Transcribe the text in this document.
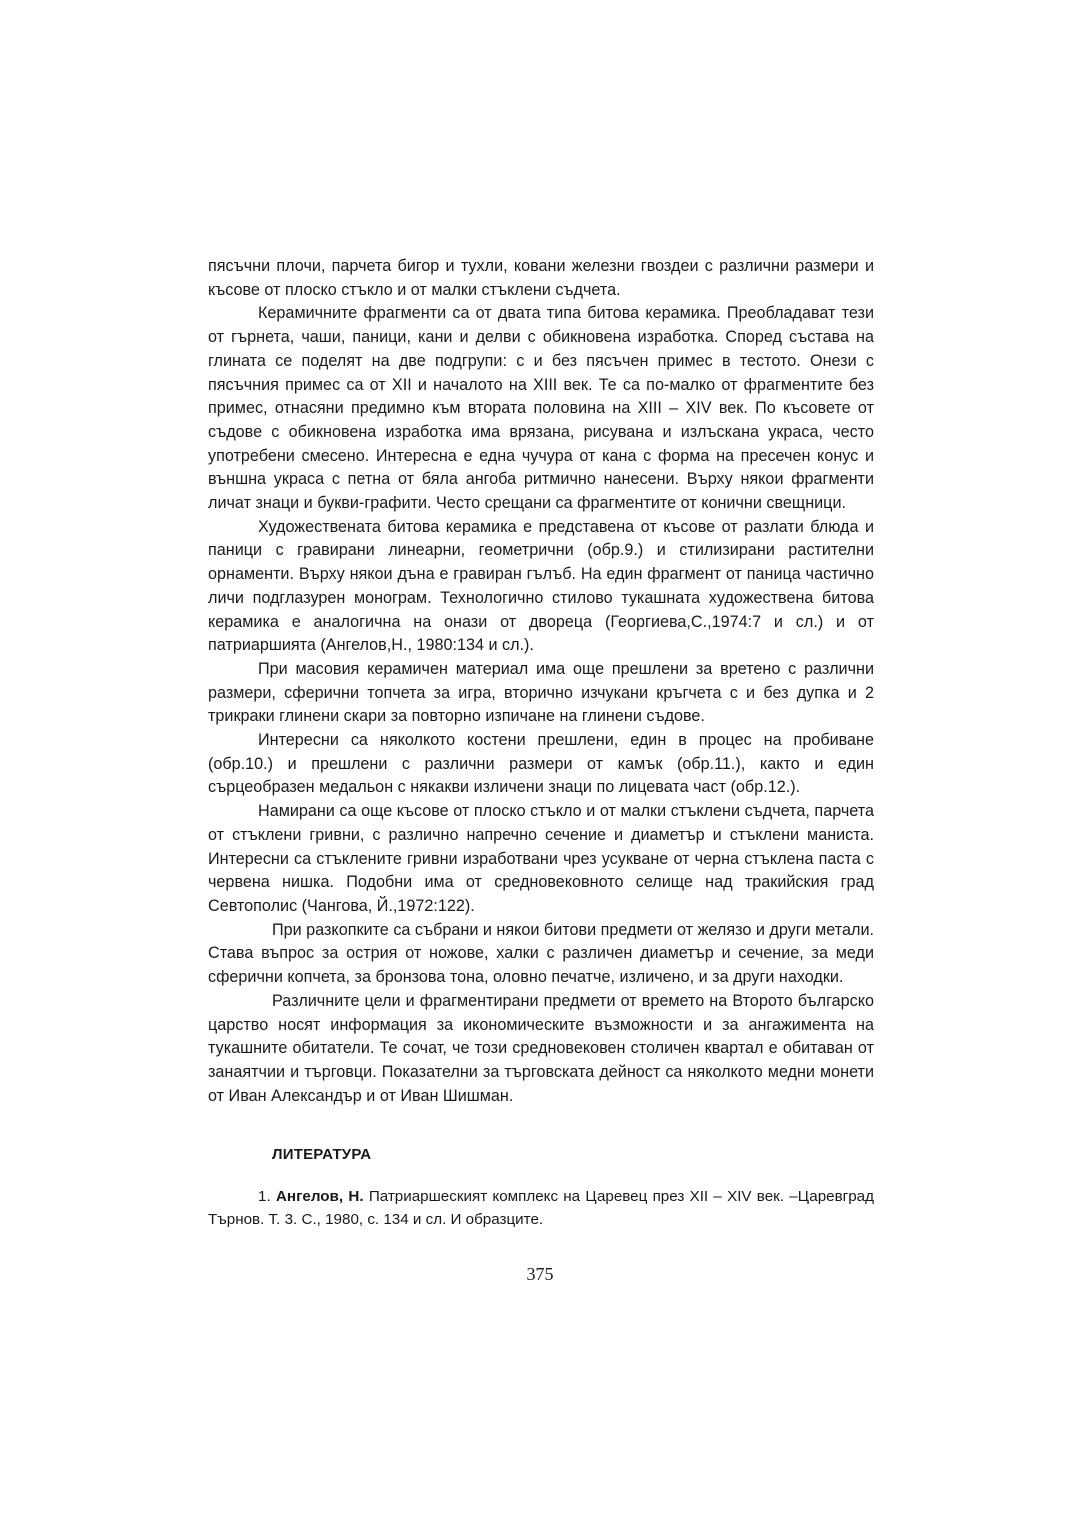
пясъчни плочи, парчета бигор и тухли, ковани железни гвоздеи с различни размери и късове от плоско стъкло и от малки стъклени съдчета.

Керамичните фрагменти са от двата типа битова керамика. Преобладават тези от гърнета, чаши, паници, кани и делви с обикновена изработка. Според състава на глината се поделят на две подгрупи: с и без пясъчен примес в тестото. Онези с пясъчния примес са от XII и началото на XIII век. Те са по-малко от фрагментите без примес, отнасяни предимно към втората половина на XIII – XIV век. По късовете от съдове с обикновена изработка има врязана, рисувана и излъскана украса, често употребени смесено. Интересна е една чучура от кана с форма на пресечен конус и външна украса с петна от бяла ангоба ритмично нанесени. Върху някои фрагменти личат знаци и букви-графити. Често срещани са фрагментите от конични свещници.

Художествената битова керамика е представена от късове от разлати блюда и паници с гравирани линеарни, геометрични (обр.9.) и стилизирани растителни орнаменти. Върху някои дъна е гравиран гълъб. На един фрагмент от паница частично личи подглазурен монограм. Технологично стилово тукашната художествена битова керамика е аналогична на онази от двореца (Георгиева,С.,1974:7 и сл.) и от патриаршията (Ангелов,Н., 1980:134 и сл.).

При масовия керамичен материал има още прешлени за вретено с различни размери, сферични топчета за игра, вторично изчукани кръгчета с и без дупка и 2 трикраки глинени скари за повторно изпичане на глинени съдове.

Интересни са няколкото костени прешлени, един в процес на пробиване (обр.10.) и прешлени с различни размери от камък (обр.11.), както и един сърцеобразен медальон с някакви изличени знаци по лицевата част (обр.12.).

Намирани са още късове от плоско стъкло и от малки стъклени съдчета, парчета от стъклени гривни, с различно напречно сечение и диаметър и стъклени маниста. Интересни са стъклените гривни изработвани чрез усукване от черна стъклена паста с червена нишка. Подобни има от средновековното селище над тракийския град Севтополис (Чангова, Й.,1972:122).

При разкопките са събрани и някои битови предмети от желязо и други метали. Става въпрос за острия от ножове, халки с различен диаметър и сечение, за меди сферични копчета, за бронзова тона, оловно печатче, изличено, и за други находки.

Различните цели и фрагментирани предмети от времето на Второто българско царство носят информация за икономическите възможности и за ангажимента на тукашните обитатели. Те сочат, че този средновековен столичен квартал е обитаван от занаятчии и търговци. Показателни за търговската дейност са няколкото медни монети от Иван Александър и от Иван Шишман.

ЛИТЕРАТУРА

1. Ангелов, Н. Патриаршеският комплекс на Царевец през XII – XIV век. –Царевград Търнов. Т. 3. С., 1980, с. 134 и сл. И образците.

375
